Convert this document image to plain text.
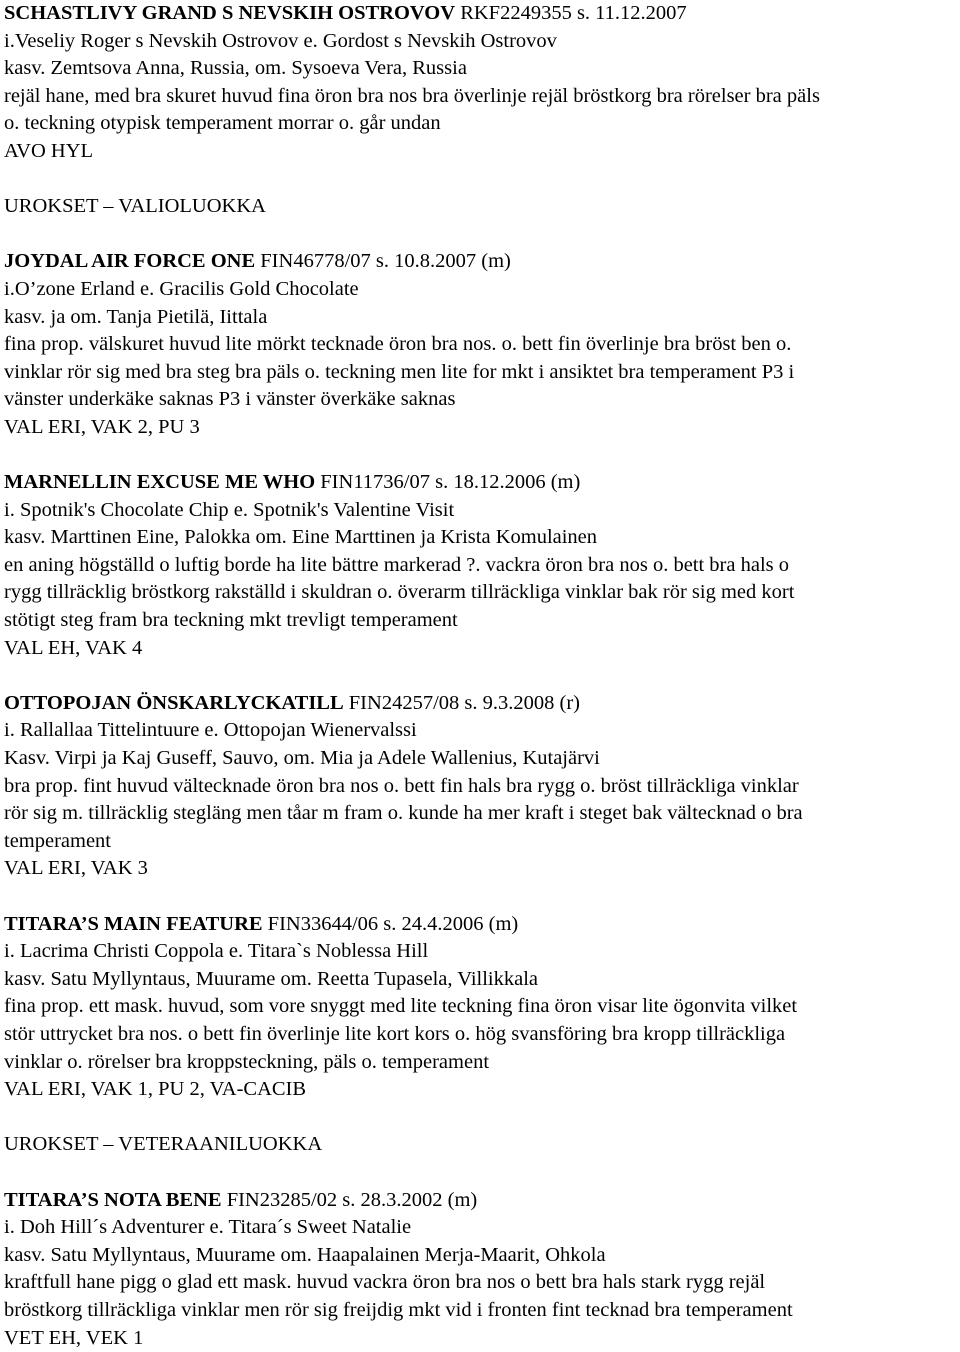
SCHASTLIVY GRAND S NEVSKIH OSTROVOV RKF2249355 s. 11.12.2007
i.Veseliy Roger s Nevskih Ostrovov e. Gordost s Nevskih Ostrovov
kasv. Zemtsova Anna, Russia, om. Sysoeva Vera, Russia
rejäl hane, med bra skuret huvud fina öron bra nos bra överlinje rejäl bröstkorg bra rörelser bra päls
o. teckning otypisk temperament morrar o. går undan
AVO HYL
UROKSET – VALIOLUOKKA
JOYDAL AIR FORCE ONE FIN46778/07 s. 10.8.2007 (m)
i.O’zone Erland e. Gracilis Gold Chocolate
kasv. ja om. Tanja Pietilä, Iittala
fina prop. välskuret huvud lite mörkt tecknade öron bra nos. o. bett fin överlinje bra bröst ben o.
vinklar rör sig med bra steg bra päls o. teckning men lite for mkt i ansiktet bra temperament P3 i
vänster underkäke saknas P3 i vänster överkäke saknas
VAL ERI, VAK 2, PU 3
MARNELLIN EXCUSE ME WHO FIN11736/07 s. 18.12.2006 (m)
i. Spotnik's Chocolate Chip e. Spotnik's Valentine Visit
kasv. Marttinen Eine, Palokka om. Eine Marttinen ja Krista Komulainen
en aning högställd o luftig borde ha lite bättre markerad ?. vackra öron bra nos o. bett bra hals o
rygg tillräcklig bröstkorg rakställd i skuldran o. överarm tillräckliga vinklar bak rör sig med kort
stötigt steg fram bra teckning mkt trevligt temperament
VAL EH, VAK 4
OTTOPOJAN ÖNSKARLYCKATILL FIN24257/08 s. 9.3.2008 (r)
i. Rallallaa Tittelintuure e. Ottopojan Wienervalssi
Kasv. Virpi ja Kaj Guseff, Sauvo, om. Mia ja Adele Wallenius, Kutajärvi
bra prop. fint huvud vältecknade öron bra nos o. bett fin hals bra rygg o. bröst tillräckliga vinklar
rör sig m. tillräcklig stegläng men tåar m fram o. kunde ha mer kraft i steget bak vältecknad o bra
temperament
VAL ERI, VAK 3
TITARA’S MAIN FEATURE FIN33644/06 s. 24.4.2006 (m)
i. Lacrima Christi Coppola e. Titara`s Noblessa Hill
kasv. Satu Myllyntaus, Muurame om. Reetta Tupasela, Villikkala
fina prop. ett mask. huvud, som vore snyggt med lite teckning fina öron visar lite ögonvita vilket
stör uttrycket bra nos. o bett fin överlinje lite kort kors o. hög svansföring bra kropp tillräckliga
vinklar o. rörelser bra kroppsteckning, päls o. temperament
VAL ERI, VAK 1, PU 2, VA-CACIB
UROKSET – VETERAANILUOKKA
TITARA’S NOTA BENE FIN23285/02 s. 28.3.2002 (m)
i. Doh Hill´s Adventurer e. Titara´s Sweet Natalie
kasv. Satu Myllyntaus, Muurame om. Haapalainen Merja-Maarit, Ohkola
kraftfull hane pigg o glad ett mask. huvud vackra öron bra nos o bett bra hals stark rygg rejäl
bröstkorg tillräckliga vinklar men rör sig freijdig mkt vid i fronten fint tecknad bra temperament
VET EH, VEK 1
